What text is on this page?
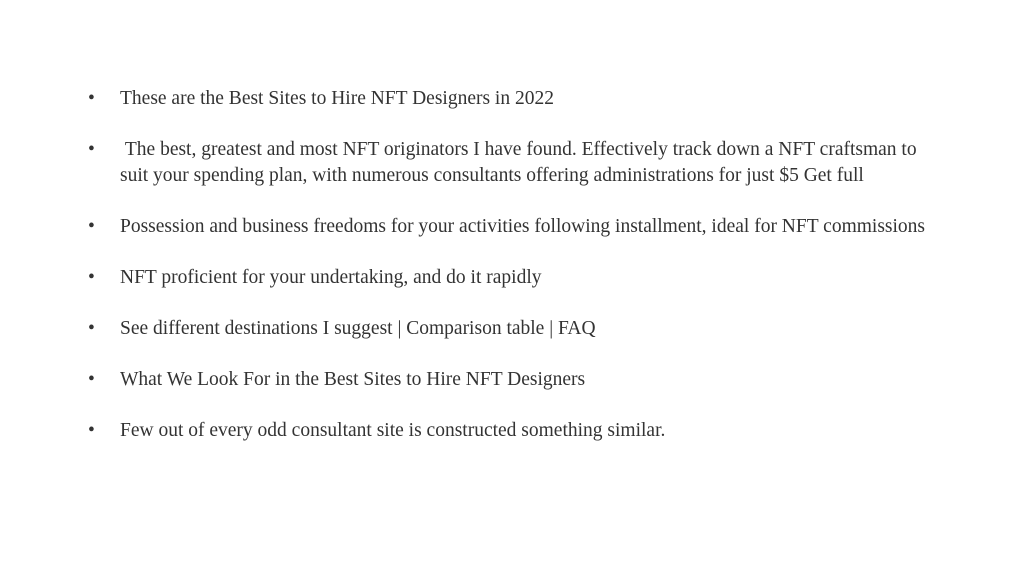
•	These are the Best Sites to Hire NFT Designers in 2022
•	The best, greatest and most NFT originators I have found. Effectively track down a NFT craftsman to suit your spending plan, with numerous consultants offering administrations for just $5 Get full
•	Possession and business freedoms for your activities following installment, ideal for NFT commissions
•	NFT proficient for your undertaking, and do it rapidly
•	See different destinations I suggest | Comparison table | FAQ
•	What We Look For in the Best Sites to Hire NFT Designers
•	Few out of every odd consultant site is constructed something similar.
